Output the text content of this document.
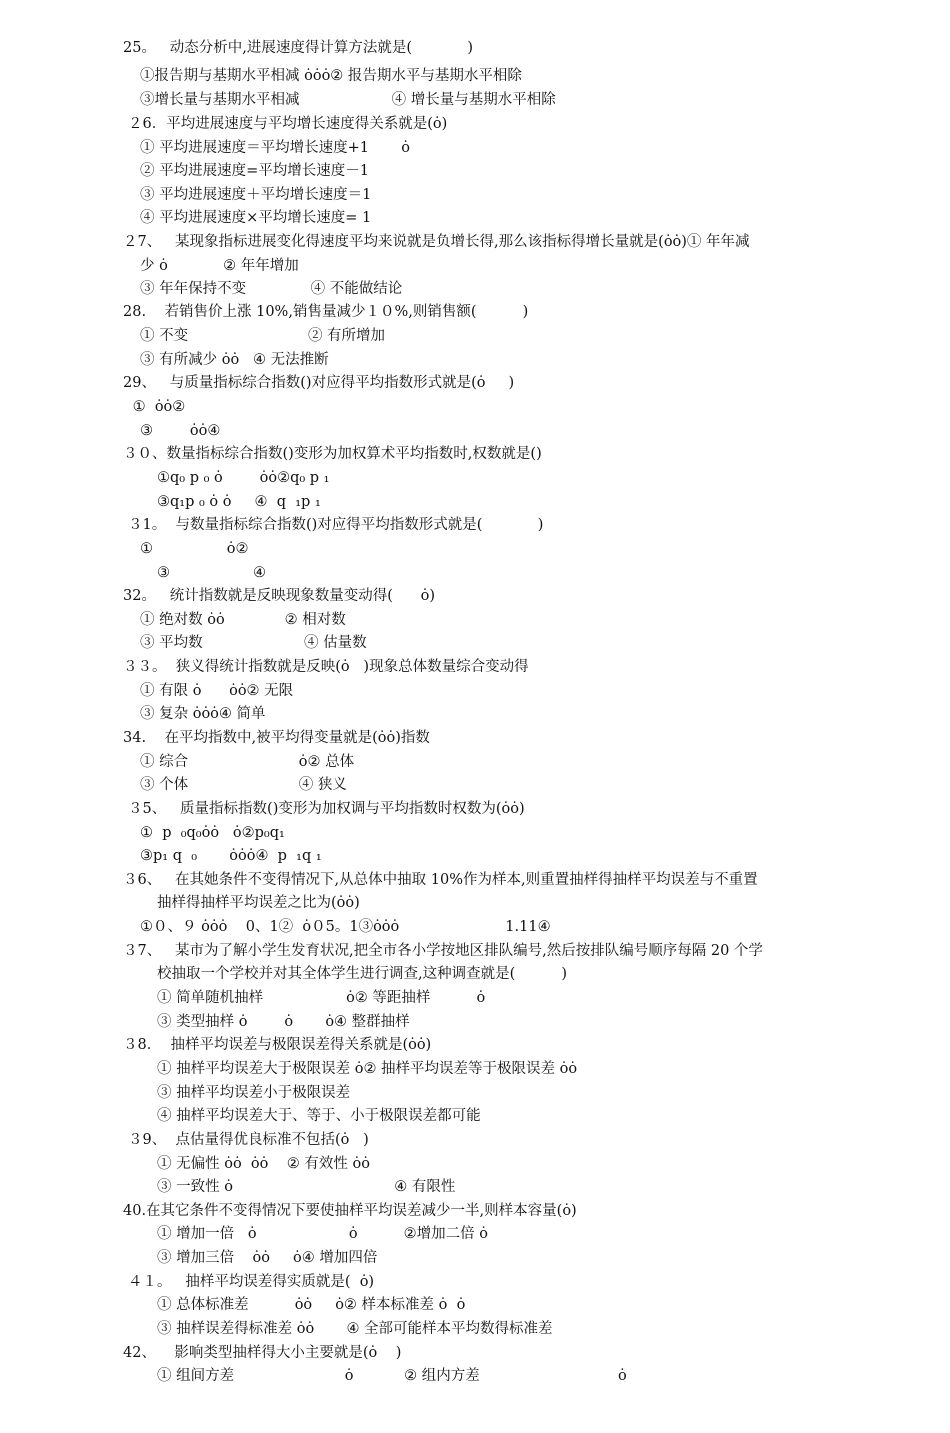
25。   动态分析中,进展速度得计算方法就是(            )
①报告期与基期水平相减 ȯȯȯ② 报告期水平与基期水平相除
③增长量与基期水平相减                    ④ 增长量与基期水平相除
２6．平均进展速度与平均增长速度得关系就是(ȯ)
① 平均进展速度＝平均增长速度+1       ȯ
② 平均进展速度=平均增长速度－1
③ 平均进展速度＋平均增长速度＝1
④ 平均进展速度×平均增长速度= 1
２7、   某现象指标进展变化得速度平均来说就是负增长得,那么该指标得增长量就是(ȯȯ)① 年年减
少 ȯ            ② 年年增加
③ 年年保持不变              ④ 不能做结论
28.    若销售价上涨 10%,销售量减少１０%,则销售额(          )
① 不变                          ② 有所增加
③ 有所减少 ȯȯ   ④ 无法推断
29、   与质量指标综合指数()对应得平均指数形式就是(ȯ     )
①  ȯȯ②
③        ȯȯ④
３０、数量指标综合指数()变形为加权算术平均指数时,权数就是()
①q₀ p ₀ ȯ        ȯȯ②q₀ p ₁
③q₁p ₀ ȯ ȯ     ④  q  ₁p ₁
３1。  与数量指标综合指数()对应得平均指数形式就是(            )
①                ȯ②
③                  ④
32。   统计指数就是反映现象数量变动得(      ȯ)
① 绝对数 ȯȯ             ② 相对数
③ 平均数                      ④ 估量数
３３。  狭义得统计指数就是反映(ȯ   )现象总体数量综合变动得
① 有限 ȯ      ȯȯ② 无限
③ 复杂 ȯȯȯ④ 简单
34.    在平均指数中,被平均得变量就是(ȯȯ)指数
① 综合                        ȯ② 总体
③ 个体                        ④ 狭义
３5、   质量指标指数()变形为加权调与平均指数时权数为(ȯȯ)
①  p  ₀q₀ȯȯ   ȯ②p₀q₁
③p₁ q  ₀       ȯȯȯ④  p  ₁q ₁
３6、   在其她条件不变得情况下,从总体中抽取 10%作为样本,则重置抽样得抽样平均误差与不重置
抽样得抽样平均误差之比为(ȯȯ)
①０、９ ȯȯȯ    0、1②  ȯ０5。1③ȯȯȯ                       1.11④
３7、   某市为了解小学生发育状况,把全市各小学按地区排队编号,然后按排队编号顺序每隔 20 个学
校抽取一个学校并对其全体学生进行调查,这种调查就是(          )
① 简单随机抽样                  ȯ② 等距抽样          ȯ
③ 类型抽样 ȯ        ȯ       ȯ④ 整群抽样
３8．  抽样平均误差与极限误差得关系就是(ȯȯ)
① 抽样平均误差大于极限误差 ȯ② 抽样平均误差等于极限误差 ȯȯ
③ 抽样平均误差小于极限误差
④ 抽样平均误差大于、等于、小于极限误差都可能
３9、  点估量得优良标准不包括(ȯ   )
① 无偏性 ȯȯ  ȯȯ    ② 有效性 ȯȯ
③ 一致性 ȯ                                   ④ 有限性
40.在其它条件不变得情况下要使抽样平均误差减少一半,则样本容量(ȯ)
① 增加一倍   ȯ                    ȯ          ②增加二倍 ȯ
③ 增加三倍    ȯȯ     ȯ④ 增加四倍
４１。   抽样平均误差得实质就是(  ȯ)
① 总体标准差          ȯȯ     ȯ② 样本标准差 ȯ  ȯ
③ 抽样误差得标准差 ȯȯ       ④ 全部可能样本平均数得标准差
42、    影响类型抽样得大小主要就是(ȯ    )
① 组间方差                        ȯ           ② 组内方差                              ȯ
